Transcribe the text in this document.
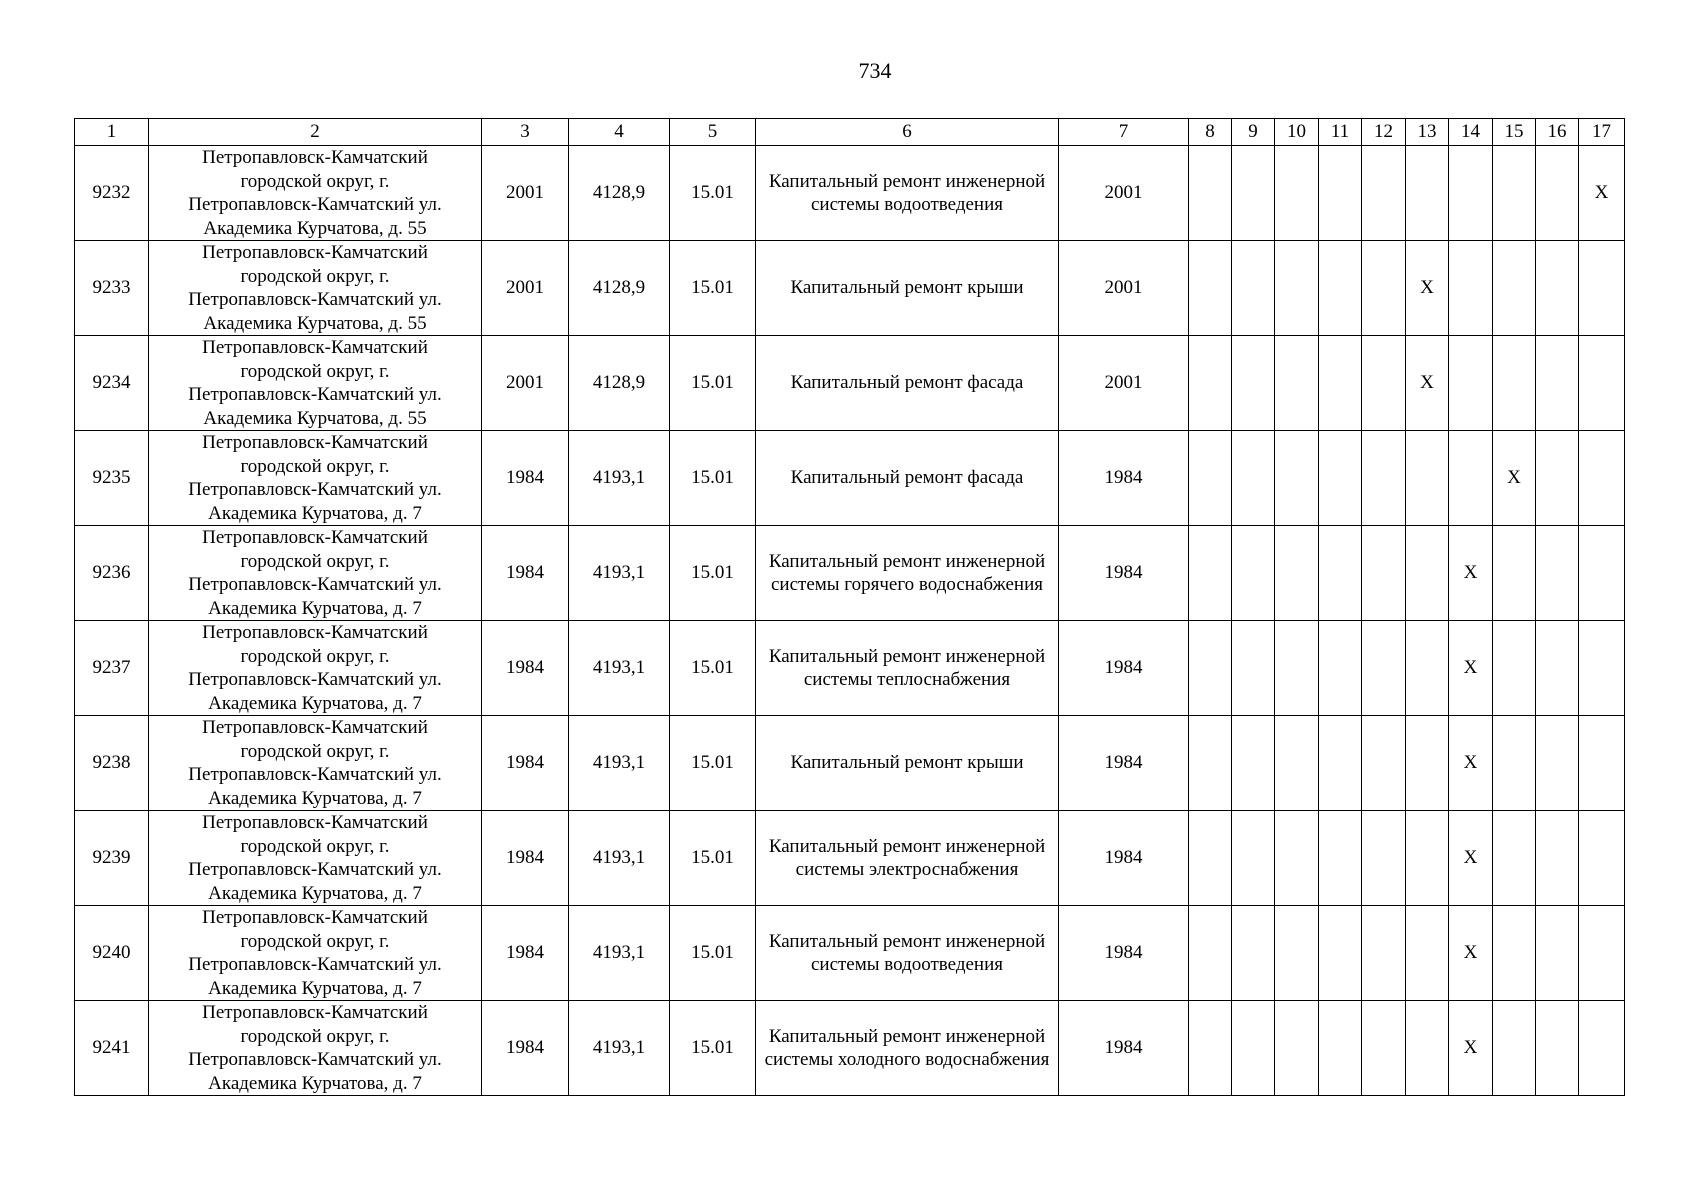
734
1	2	3	4	5	6	7	8	9	10	11	12	13	14	15	16	17
9232	Петропавловск-Камчатский
городской округ, г.
Петропавловск-Камчатский ул.
Академика Курчатова, д. 55	2001	4128,9	15.01	Капитальный ремонт инженерной системы водоотведения	2001										X
9233	Петропавловск-Камчатский
городской округ, г.
Петропавловск-Камчатский ул.
Академика Курчатова, д. 55	2001	4128,9	15.01	Капитальный ремонт крыши	2001						X				
9234	Петропавловск-Камчатский
городской округ, г.
Петропавловск-Камчатский ул.
Академика Курчатова, д. 55	2001	4128,9	15.01	Капитальный ремонт фасада	2001						X				
9235	Петропавловск-Камчатский
городской округ, г.
Петропавловск-Камчатский ул.
Академика Курчатова, д. 7	1984	4193,1	15.01	Капитальный ремонт фасада	1984								X		
9236	Петропавловск-Камчатский
городской округ, г.
Петропавловск-Камчатский ул.
Академика Курчатова, д. 7	1984	4193,1	15.01	Капитальный ремонт инженерной системы горячего водоснабжения	1984							X			
9237	Петропавловск-Камчатский
городской округ, г.
Петропавловск-Камчатский ул.
Академика Курчатова, д. 7	1984	4193,1	15.01	Капитальный ремонт инженерной системы теплоснабжения	1984							X			
9238	Петропавловск-Камчатский
городской округ, г.
Петропавловск-Камчатский ул.
Академика Курчатова, д. 7	1984	4193,1	15.01	Капитальный ремонт крыши	1984							X			
9239	Петропавловск-Камчатский
городской округ, г.
Петропавловск-Камчатский ул.
Академика Курчатова, д. 7	1984	4193,1	15.01	Капитальный ремонт инженерной системы электроснабжения	1984							X			
9240	Петропавловск-Камчатский
городской округ, г.
Петропавловск-Камчатский ул.
Академика Курчатова, д. 7	1984	4193,1	15.01	Капитальный ремонт инженерной системы водоотведения	1984							X			
9241	Петропавловск-Камчатский
городской округ, г.
Петропавловск-Камчатский ул.
Академика Курчатова, д. 7	1984	4193,1	15.01	Капитальный ремонт инженерной системы холодного водоснабжения	1984							X			
